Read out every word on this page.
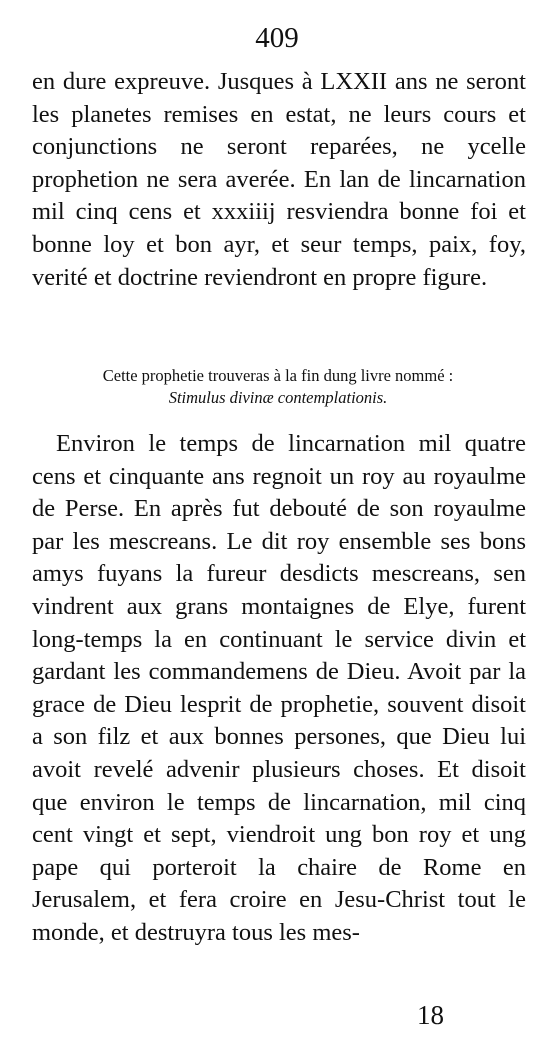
409

en dure expreuve. Jusques à LXXII ans ne seront les planetes remises en estat, ne leurs cours et conjunctions ne seront reparées, ne ycelle prophetion ne sera averée. En lan de lincarnation mil cinq cens et xxxiiij resviendra bonne foi et bonne loy et bon ayr, et seur temps, paix, foy, verité et doctrine reviendront en propre figure.

Cette prophetie trouveras à la fin dung livre nommé :
Stimulus divinæ contemplationis.

Environ le temps de lincarnation mil quatre cens et cinquante ans regnoit un roy au royaulme de Perse. En après fut debouté de son royaulme par les mescreans. Le dit roy ensemble ses bons amys fuyans la fureur desdicts mescreans, sen vindrent aux grans montaignes de Elye, furent long-temps la en continuant le service divin et gardant les commandemens de Dieu. Avoit par la grace de Dieu lesprit de prophetie, souvent disoit a son filz et aux bonnes persones, que Dieu lui avoit revelé advenir plusieurs choses. Et disoit que environ le temps de lincarnation, mil cinq cent vingt et sept, viendroit ung bon roy et ung pape qui porteroit la chaire de Rome en Jerusalem, et fera croire en Jesu-Christ tout le monde, et destruyra tous les mes-

18
